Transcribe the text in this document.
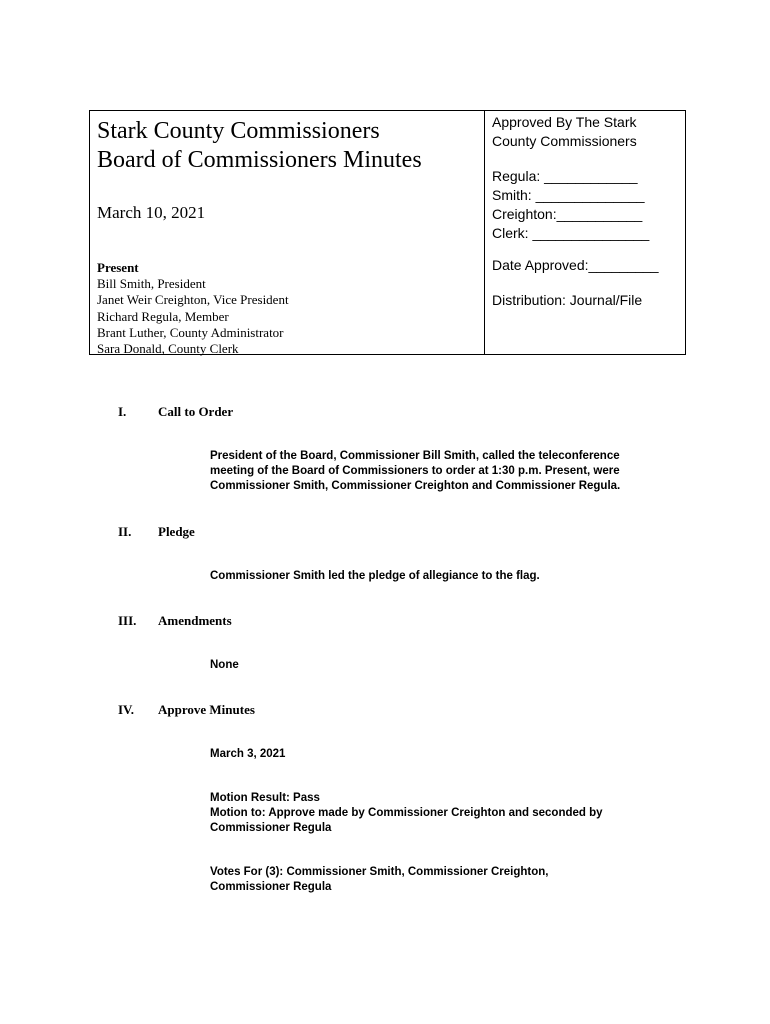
Stark County Commissioners
Board of Commissioners Minutes
March 10, 2021
Present
Bill Smith, President
Janet Weir Creighton, Vice President
Richard Regula, Member
Brant Luther, County Administrator
Sara Donald, County Clerk
Approved By The Stark
County Commissioners
Regula: ____________
Smith: ______________
Creighton:___________
Clerk: _______________
Date Approved:_________
Distribution: Journal/File
I. Call to Order
President of the Board, Commissioner Bill Smith, called the teleconference
meeting of the Board of Commissioners to order at 1:30 p.m. Present, were
Commissioner Smith, Commissioner Creighton and Commissioner Regula.
II. Pledge
Commissioner Smith led the pledge of allegiance to the flag.
III. Amendments
None
IV. Approve Minutes
March 3, 2021
Motion Result: Pass
Motion to: Approve made by Commissioner Creighton and seconded by
Commissioner Regula
Votes For (3): Commissioner Smith, Commissioner Creighton,
Commissioner Regula
